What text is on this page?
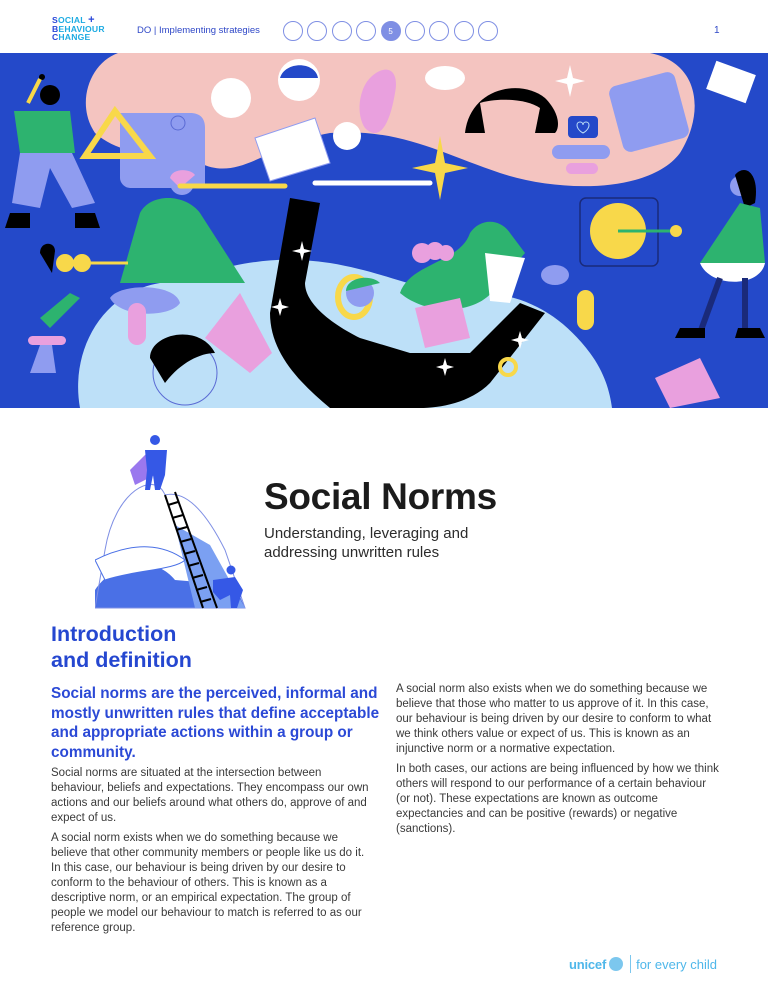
SOCIAL +
BEHAVIOUR
CHANGE
DO | Implementing strategies	5	1
Social Norms
Understanding, leveraging and addressing unwritten rules
Introduction
and definition

Social norms are the perceived, informal and mostly unwritten rules that define acceptable and appropriate actions within a group or community.

Social norms are situated at the intersection between behaviour, beliefs and expectations. They encompass our own actions and our beliefs around what others do, approve of and expect of us.

A social norm exists when we do something because we believe that other community members or people like us do it. In this case, our behaviour is being driven by our desire to conform to the behaviour of others. This is known as a descriptive norm, or an empirical expectation. The group of people we model our behaviour to match is referred to as our reference group.

A social norm also exists when we do something because we believe that those who matter to us approve of it. In this case, our behaviour is being driven by our desire to conform to what we think others value or expect of us. This is known as an injunctive norm or a normative expectation.

In both cases, our actions are being influenced by how we think others will respond to our performance of a certain behaviour (or not). These expectations are known as outcome expectancies and can be positive (rewards) or negative (sanctions).

unicef for every child
